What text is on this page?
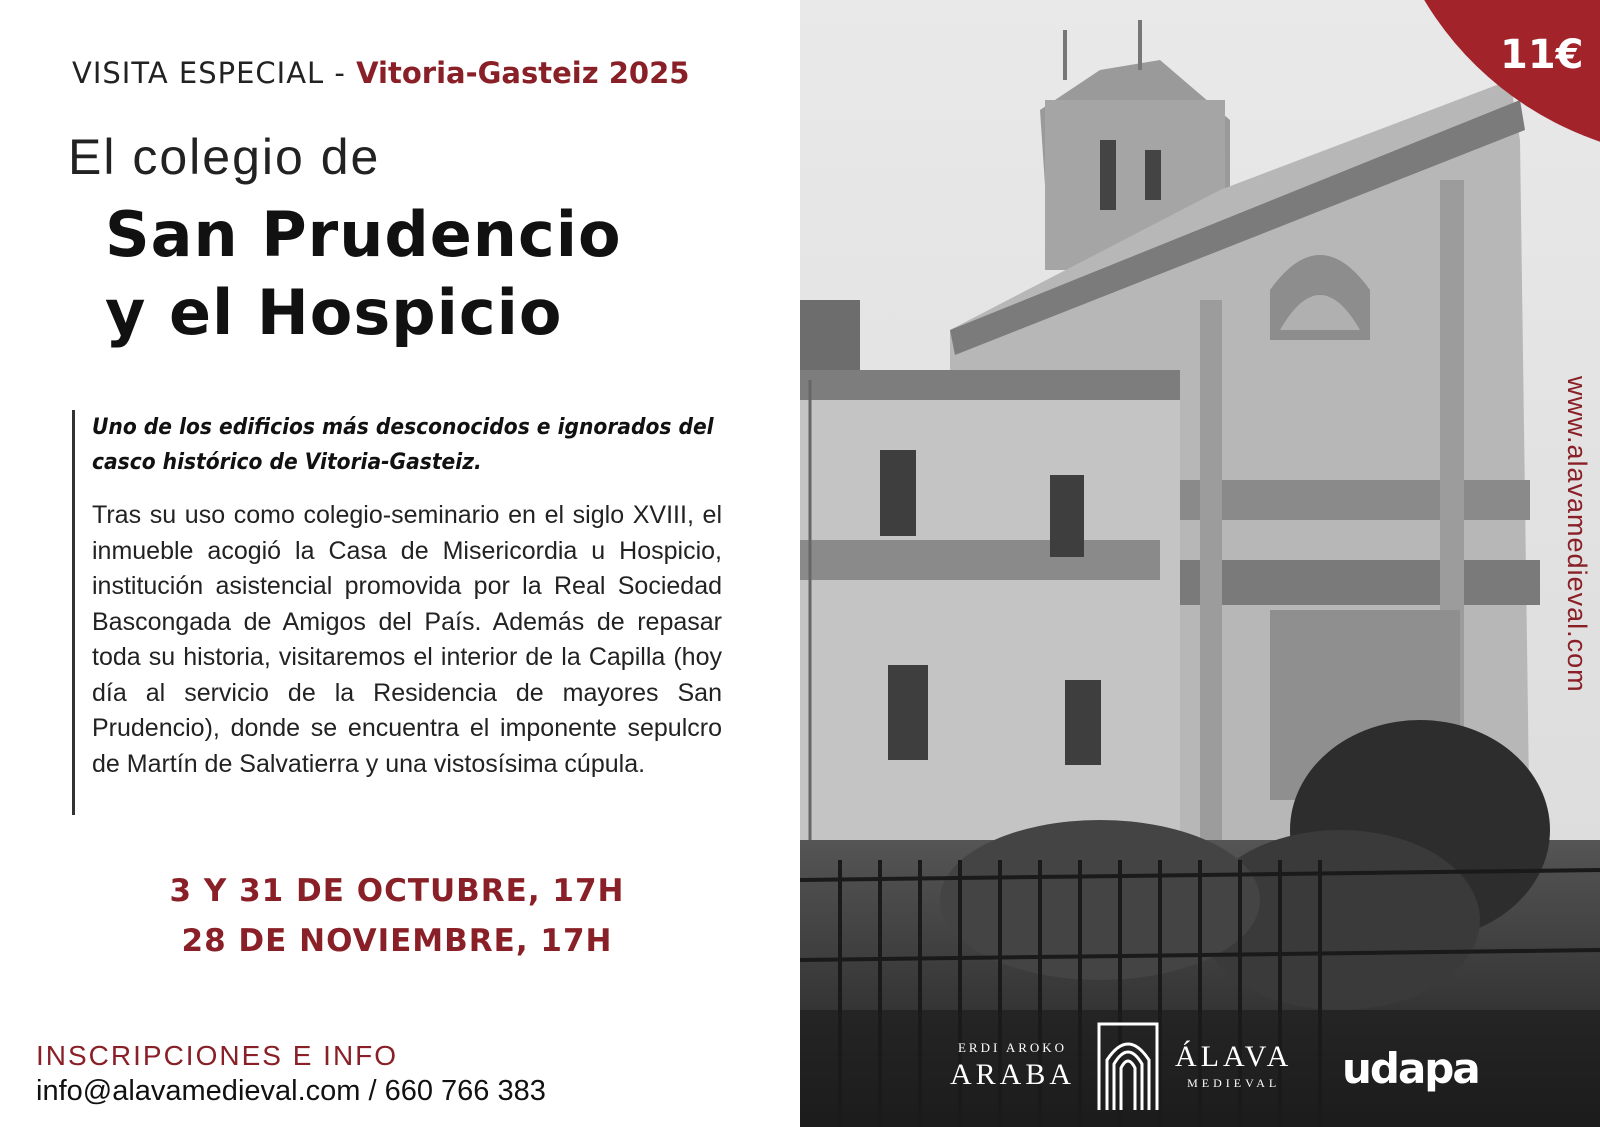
11€
www.alavamedieval.com
VISITA ESPECIAL - Vitoria-Gasteiz 2025
El colegio de
San Prudencio
y el Hospicio
Uno de los edificios más desconocidos e ignorados del casco histórico de Vitoria-Gasteiz.
Tras su uso como colegio-seminario en el siglo XVIII, el inmueble acogió la Casa de Misericordia u Hospicio, institución asistencial promovida por la Real Sociedad Bascongada de Amigos del País. Además de repasar toda su historia, visitaremos el interior de la Capilla (hoy día al servicio de la Residencia de mayores San Prudencio), donde se encuentra el imponente sepulcro de Martín de Salvatierra y una vistosísima cúpula.
3 Y 31 DE OCTUBRE, 17H
28 DE NOVIEMBRE, 17H
INSCRIPCIONES E INFO
info@alavamedieval.com / 660 766 383
ERDI AROKO
ARABA
ÁLAVA
MEDIEVAL udapa
